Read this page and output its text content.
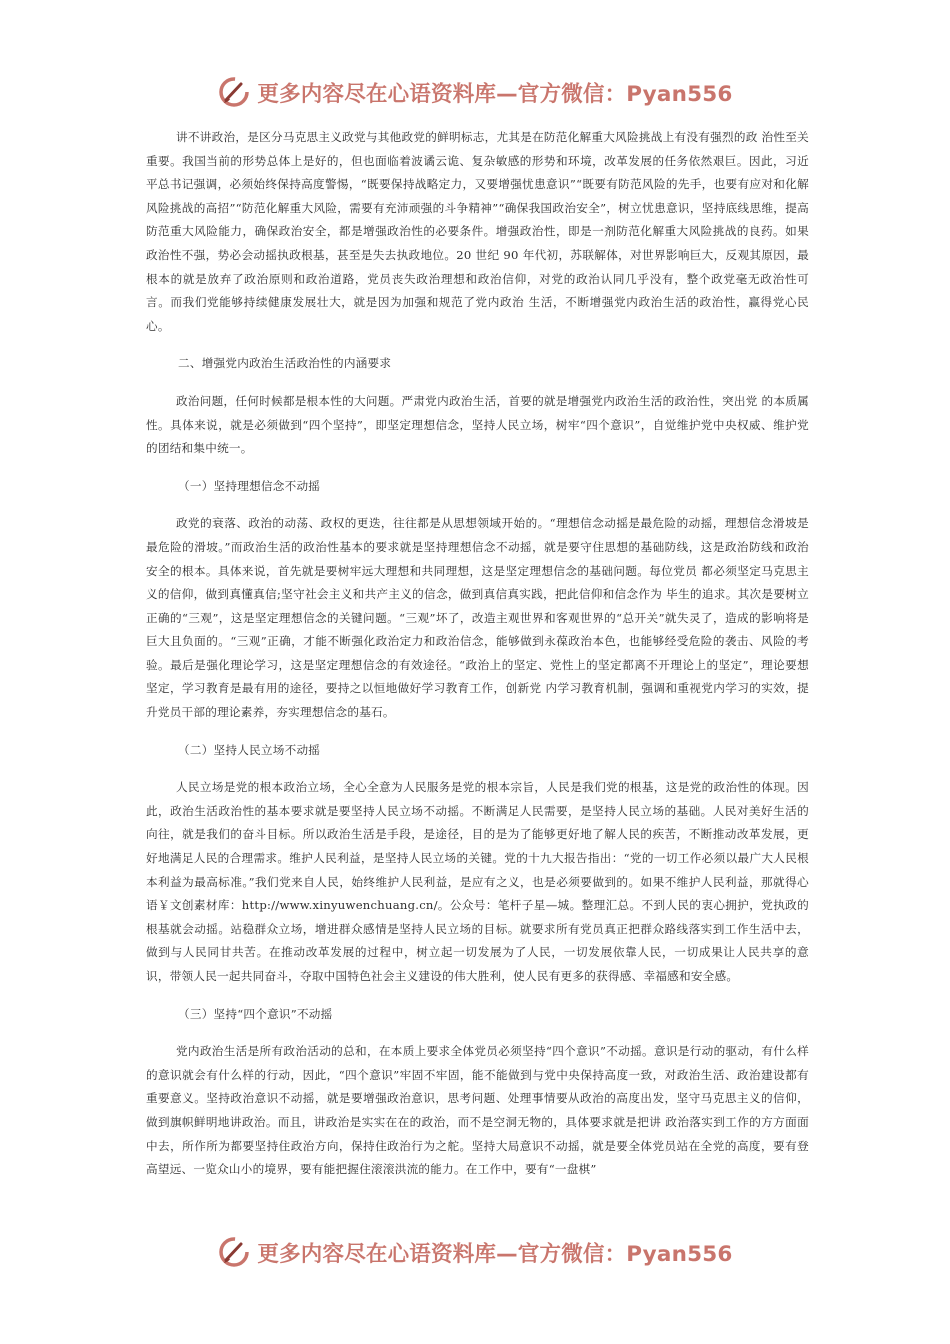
更多内容尽在心语资料库—官方微信：Pyan556

讲不讲政治，是区分马克思主义政党与其他政党的鲜明标志，尤其是在防范化解重大风险挑战上有没有强烈的政 治性至关重要。我国当前的形势总体上是好的，但也面临着波谲云诡、复杂敏感的形势和环境，改革发展的任务依然艰巨。因此，习近平总书记强调，必须始终保持高度警惕，“既要保持战略定力，又要增强忧患意识”“既要有防范风险的先手，也要有应对和化解风险挑战的高招”“防范化解重大风险，需要有充沛顽强的斗争精神”“确保我国政治安全”，树立忧患意识，坚持底线思维，提高防范重大风险能力，确保政治安全，都是增强政治性的必要条件。增强政治性，即是一剂防范化解重大风险挑战的良药。如果政治性不强，势必会动摇执政根基，甚至是失去执政地位。20 世纪 90 年代初，苏联解体，对世界影响巨大，反观其原因，最根本的就是放弃了政治原则和政治道路，党员丧失政治理想和政治信仰，对党的政治认同几乎没有，整个政党毫无政治性可言。而我们党能够持续健康发展壮大，就是因为加强和规范了党内政治 生活，不断增强党内政治生活的政治性，赢得党心民心。

二、增强党内政治生活政治性的内涵要求

政治问题，任何时候都是根本性的大问题。严肃党内政治生活，首要的就是增强党内政治生活的政治性，突出党 的本质属性。具体来说，就是必须做到“四个坚持”，即坚定理想信念，坚持人民立场，树牢“四个意识”，自觉维护党中央权威、维护党的团结和集中统一。

（一）坚持理想信念不动摇

政党的衰落、政治的动荡、政权的更迭，往往都是从思想领域开始的。“理想信念动摇是最危险的动摇，理想信念滑坡是最危险的滑坡。”而政治生活的政治性基本的要求就是坚持理想信念不动摇，就是要守住思想的基础防线，这是政治防线和政治安全的根本。具体来说，首先就是要树牢远大理想和共同理想，这是坚定理想信念的基础问题。每位党员 都必须坚定马克思主义的信仰，做到真懂真信;坚守社会主义和共产主义的信念，做到真信真实践，把此信仰和信念作为 毕生的追求。其次是要树立正确的“三观”，这是坚定理想信念的关键问题。“三观”坏了，改造主观世界和客观世界的“总开关”就失灵了，造成的影响将是巨大且负面的。“三观”正确，才能不断强化政治定力和政治信念，能够做到永葆政治本色，也能够经受危险的袭击、风险的考验。最后是强化理论学习，这是坚定理想信念的有效途径。“政治上的坚定、党性上的坚定都离不开理论上的坚定”，理论要想坚定，学习教育是最有用的途径，要持之以恒地做好学习教育工作，创新党 内学习教育机制，强调和重视党内学习的实效，提升党员干部的理论素养，夯实理想信念的基石。

（二）坚持人民立场不动摇

人民立场是党的根本政治立场，全心全意为人民服务是党的根本宗旨，人民是我们党的根基，这是党的政治性的体现。因此，政治生活政治性的基本要求就是要坚持人民立场不动摇。不断满足人民需要，是坚持人民立场的基础。人民对美好生活的向往，就是我们的奋斗目标。所以政治生活是手段，是途径，目的是为了能够更好地了解人民的疾苦，不断推动改革发展，更好地满足人民的合理需求。维护人民利益，是坚持人民立场的关键。党的十九大报告指出：“党的一切工作必须以最广大人民根本利益为最高标准。”我们党来自人民，始终维护人民利益，是应有之义，也是必须要做到的。如果不维护人民利益，那就得心语￥文创素材库：http://www.xinyuwenchuang.cn/。公众号：笔杆子星—城。整理汇总。不到人民的衷心拥护，党执政的根基就会动摇。站稳群众立场，增进群众感情是坚持人民立场的目标。就要求所有党员真正把群众路线落实到工作生活中去，做到与人民同甘共苦。在推动改革发展的过程中，树立起一切发展为了人民，一切发展依靠人民，一切成果让人民共享的意识，带领人民一起共同奋斗，夺取中国特色社会主义建设的伟大胜利，使人民有更多的获得感、幸福感和安全感。

（三）坚持“四个意识”不动摇

党内政治生活是所有政治活动的总和，在本质上要求全体党员必须坚持“四个意识”不动摇。意识是行动的驱动，有什么样的意识就会有什么样的行动，因此，“四个意识”牢固不牢固，能不能做到与党中央保持高度一致，对政治生活、政治建设都有重要意义。坚持政治意识不动摇，就是要增强政治意识，思考问题、处理事情要从政治的高度出发，坚守马克思主义的信仰，做到旗帜鲜明地讲政治。而且，讲政治是实实在在的政治，而不是空洞无物的，具体要求就是把讲 政治落实到工作的方方面面中去，所作所为都要坚持住政治方向，保持住政治行为之舵。坚持大局意识不动摇，就是要全体党员站在全党的高度，要有登高望远、一览众山小的境界，要有能把握住滚滚洪流的能力。在工作中，要有“一盘棋”

更多内容尽在心语资料库—官方微信：Pyan556
